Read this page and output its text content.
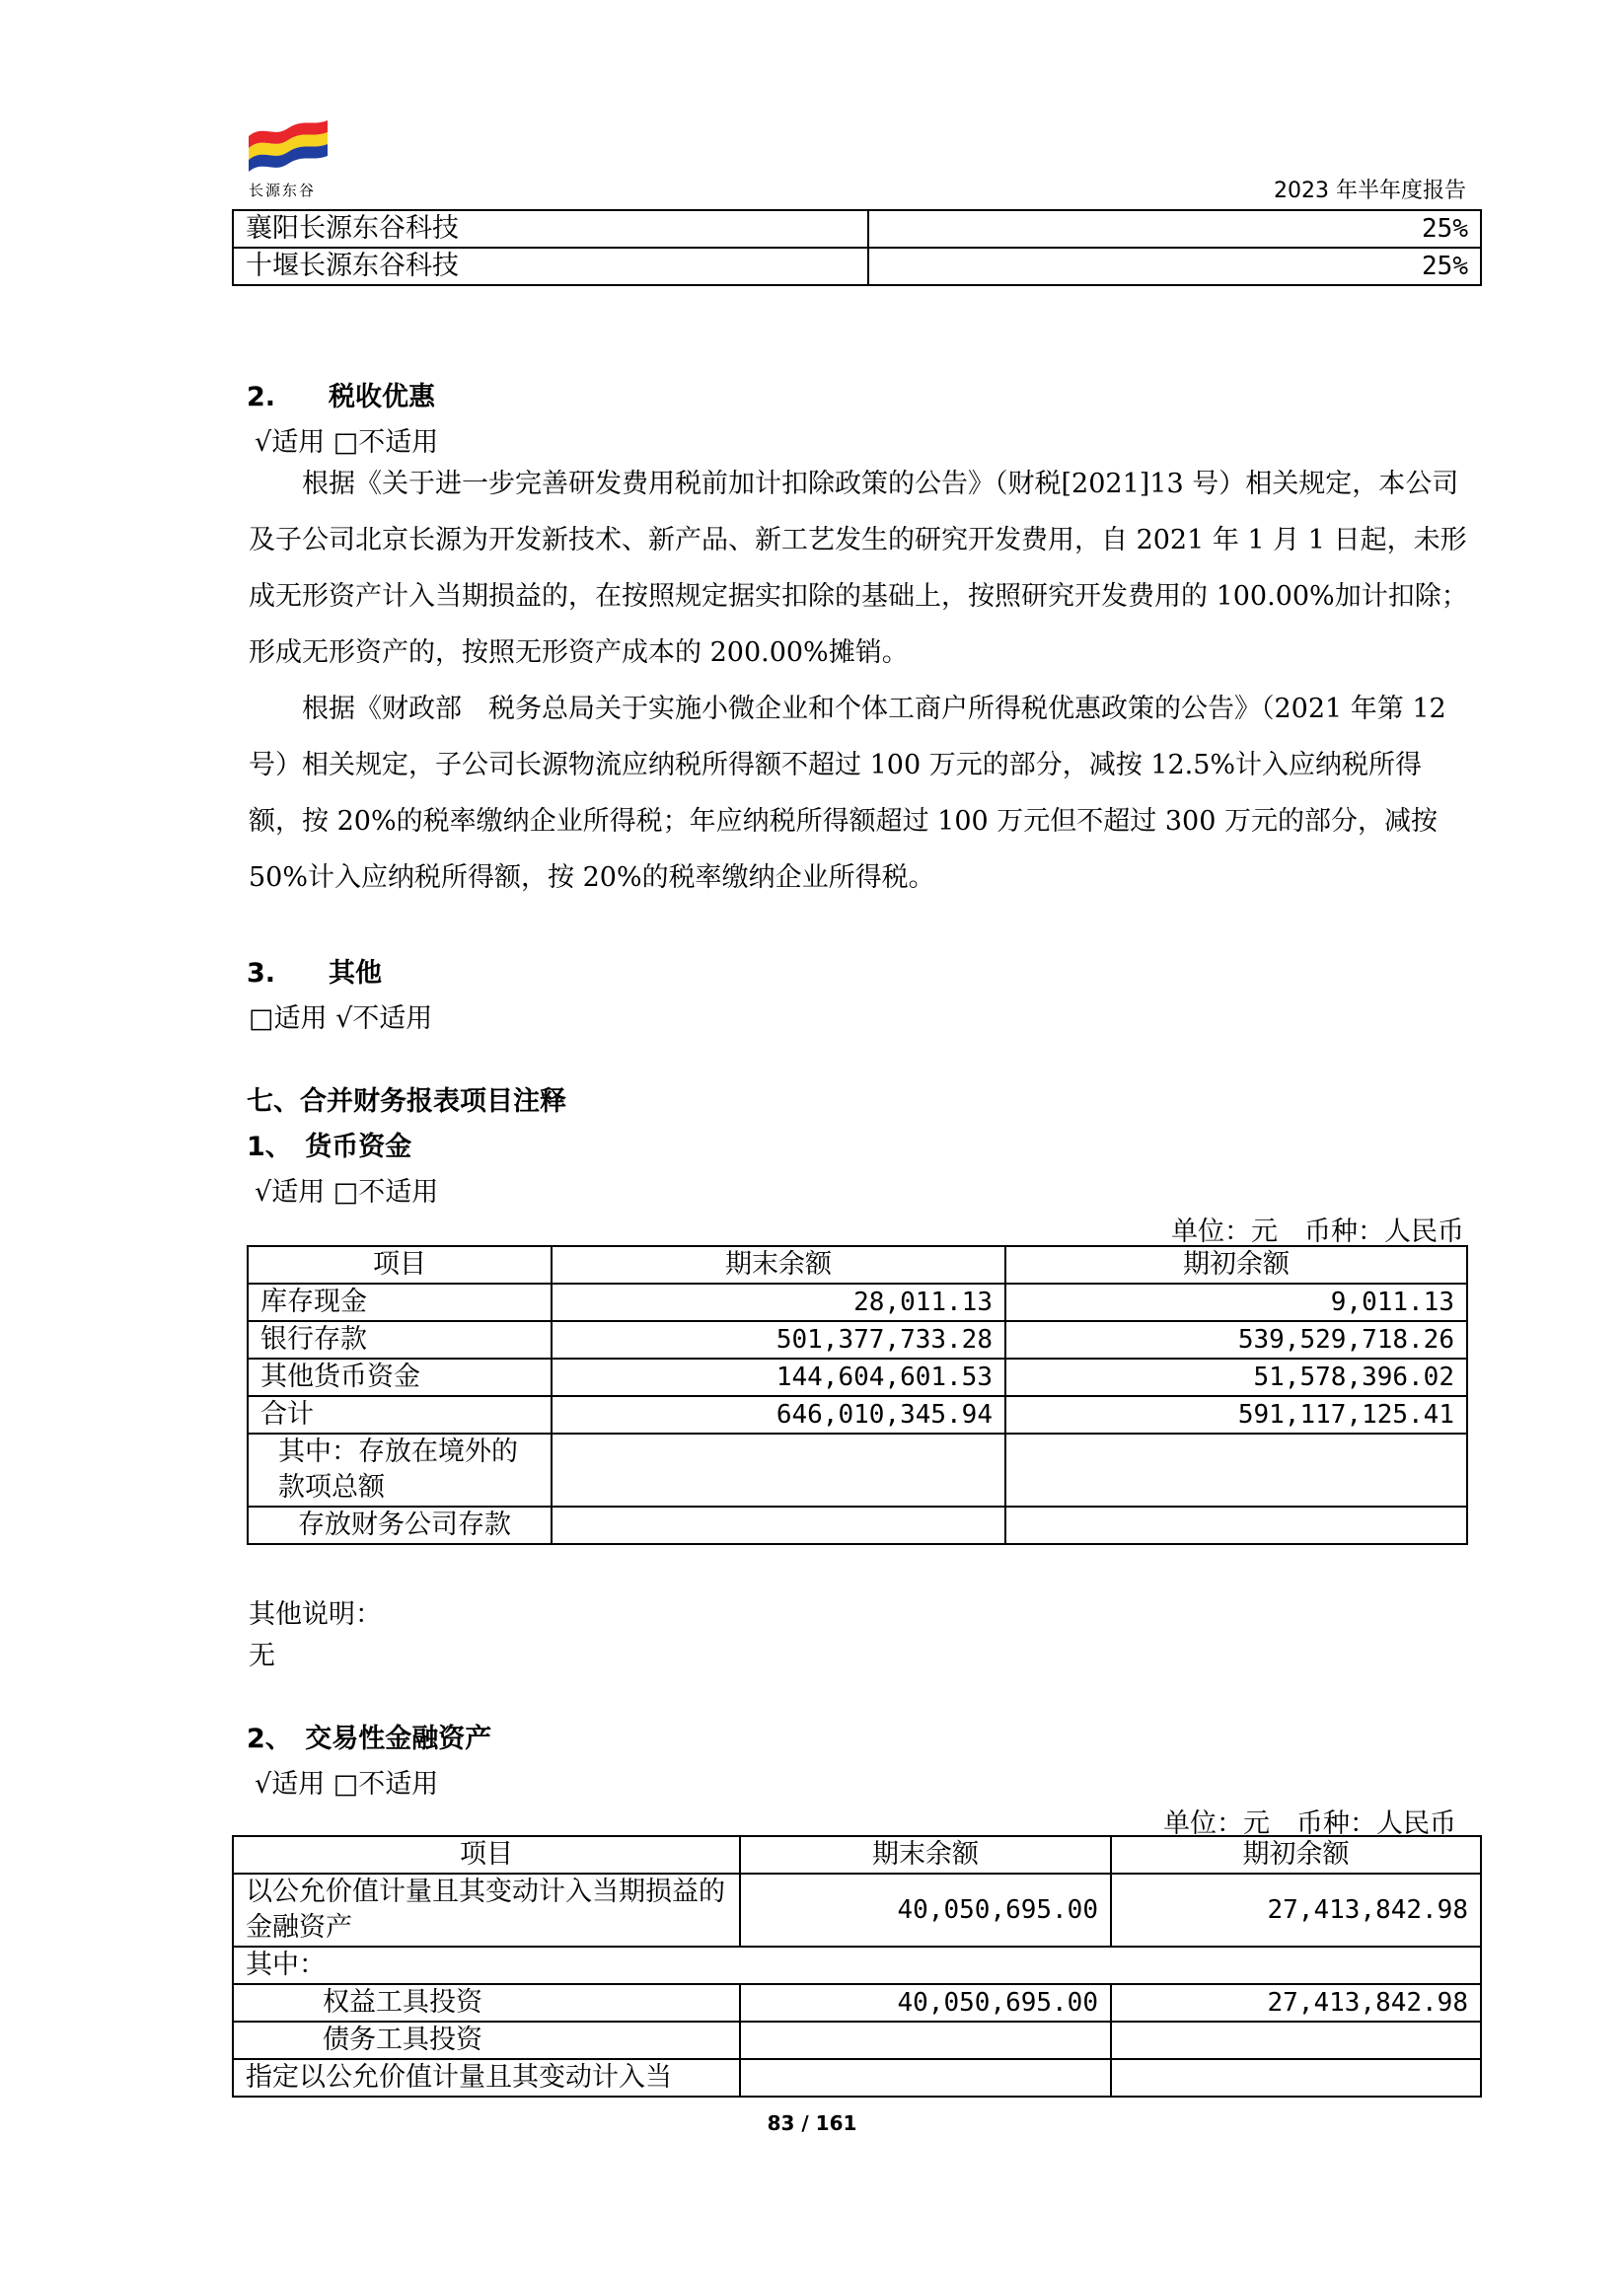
长源东谷	2023 年半年度报告
襄阳长源东谷科技	25%
十堰长源东谷科技	25%
2.　　税收优惠
√适用 □不适用
根据《关于进一步完善研发费用税前加计扣除政策的公告》（财税[2021]13 号）相关规定，本公司及子公司北京长源为开发新技术、新产品、新工艺发生的研究开发费用，自 2021 年 1 月 1 日起，未形成无形资产计入当期损益的，在按照规定据实扣除的基础上，按照研究开发费用的 100.00%加计扣除；形成无形资产的，按照无形资产成本的 200.00%摊销。
根据《财政部　税务总局关于实施小微企业和个体工商户所得税优惠政策的公告》（2021 年第 12 号）相关规定，子公司长源物流应纳税所得额不超过 100 万元的部分，减按 12.5%计入应纳税所得额，按 20%的税率缴纳企业所得税；年应纳税所得额超过 100 万元但不超过 300 万元的部分，减按 50%计入应纳税所得额，按 20%的税率缴纳企业所得税。
3.　　其他
□适用 √不适用
七、合并财务报表项目注释
1、　货币资金
√适用 □不适用
单位：元　币种：人民币
项目	期末余额	期初余额
库存现金	28,011.13	9,011.13
银行存款	501,377,733.28	539,529,718.26
其他货币资金	144,604,601.53	51,578,396.02
合计	646,010,345.94	591,117,125.41
其中：存放在境外的款项总额		
存放财务公司存款		
其他说明：
无
2、　交易性金融资产
√适用 □不适用
单位：元　币种：人民币
项目	期末余额	期初余额
以公允价值计量且其变动计入当期损益的金融资产	40,050,695.00	27,413,842.98
其中：		
权益工具投资	40,050,695.00	27,413,842.98
债务工具投资		
指定以公允价值计量且其变动计入当		
83 / 161
